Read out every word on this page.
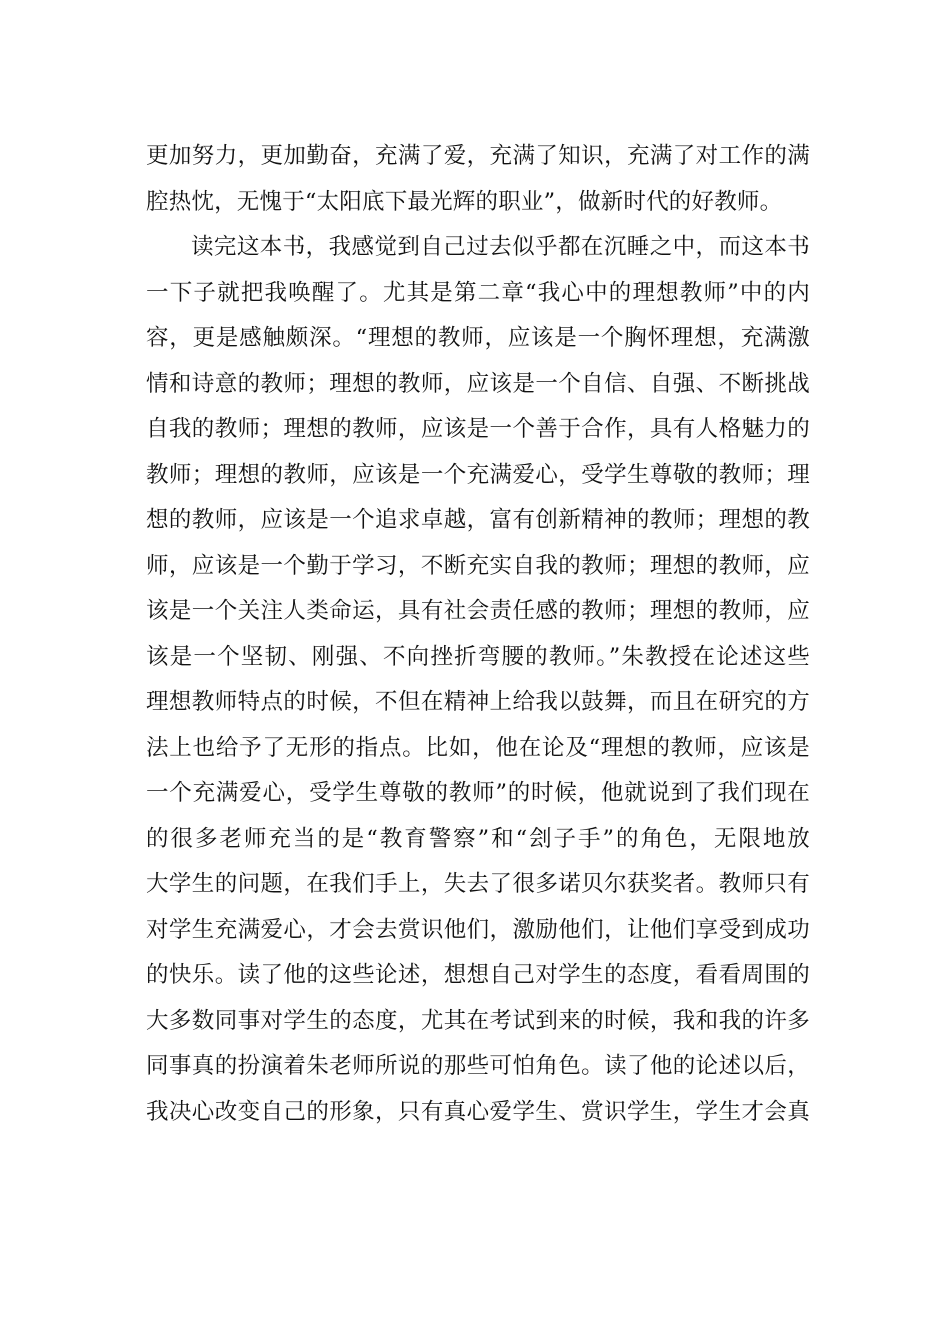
更加努力，更加勤奋，充满了爱，充满了知识，充满了对工作的满
腔热忱，无愧于“太阳底下最光辉的职业”，做新时代的好教师。
读完这本书，我感觉到自己过去似乎都在沉睡之中，而这本书
一下子就把我唤醒了。尤其是第二章“我心中的理想教师”中的内
容，更是感触颇深。“理想的教师，应该是一个胸怀理想，充满激
情和诗意的教师；理想的教师，应该是一个自信、自强、不断挑战
自我的教师；理想的教师，应该是一个善于合作，具有人格魅力的
教师；理想的教师，应该是一个充满爱心，受学生尊敬的教师；理
想的教师，应该是一个追求卓越，富有创新精神的教师；理想的教
师，应该是一个勤于学习，不断充实自我的教师；理想的教师，应
该是一个关注人类命运，具有社会责任感的教师；理想的教师，应
该是一个坚韧、刚强、不向挫折弯腰的教师。”朱教授在论述这些
理想教师特点的时候，不但在精神上给我以鼓舞，而且在研究的方
法上也给予了无形的指点。比如，他在论及“理想的教师，应该是
一个充满爱心，受学生尊敬的教师”的时候，他就说到了我们现在
的很多老师充当的是“教育警察”和“刽子手”的角色，无限地放
大学生的问题，在我们手上，失去了很多诺贝尔获奖者。教师只有
对学生充满爱心，才会去赏识他们，激励他们，让他们享受到成功
的快乐。读了他的这些论述，想想自己对学生的态度，看看周围的
大多数同事对学生的态度，尤其在考试到来的时候，我和我的许多
同事真的扮演着朱老师所说的那些可怕角色。读了他的论述以后，
我决心改变自己的形象，只有真心爱学生、赏识学生，学生才会真
